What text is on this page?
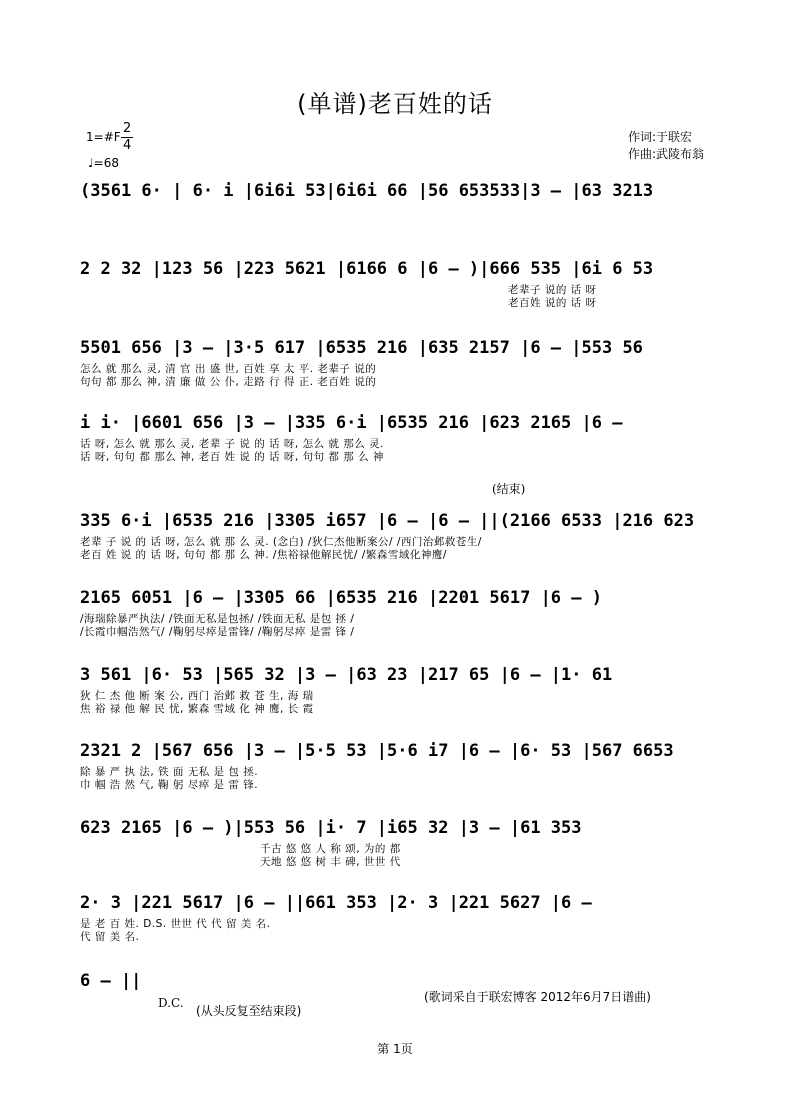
(单谱)老百姓的话
1=#F
2
4
♩=68
作词:于联宏
作曲:武陵布翁
(3561 6· | 6· i |6i6i 53|6i6i 66 |56 653533|3 — |63 3213
2 2 32 |123 56 |223 5621 |6166 6 |6 — )|666 535 |6i 6 53
老辈子 说的 话 呀
老百姓 说的 话 呀
5501 656 |3 — |3·5 617 |6535 216 |635 2157 |6 — |553 56
怎么 就 那么 灵, 清 官 出 盛 世, 百姓 享 太 平. 老辈子 说的
句句 都 那么 神, 清 廉 做 公 仆, 走路 行 得 正. 老百姓 说的
i i· |6601 656 |3 — |335 6·i |6535 216 |623 2165 |6 —
话 呀, 怎么 就 那么 灵, 老辈 子 说 的 话 呀, 怎么 就 那么 灵.
话 呀, 句句 都 那么 神, 老百 姓 说 的 话 呀, 句句 都 那 么 神
(结束)
335 6·i |6535 216 |3305 i657 |6 — |6 — ||(2166 6533 |216 623
老辈 子 说 的 话 呀, 怎么 就 那 么 灵. (念白) /狄仁杰他断案公/ /西门治邺救苍生/
老百 姓 说 的 话 呀, 句句 都 那 么 神. /焦裕禄他解民忧/ /繁森雪域化神鹰/
2165 6051 |6 — |3305 66 |6535 216 |2201 5617 |6 — )
/海瑞除暴严执法/ /铁面无私是包拯/ /铁面无私 是包 拯 /
/长霞巾帼浩然气/ /鞠躬尽瘁是雷锋/ /鞠躬尽瘁 是雷 锋 /
3 561 |6· 53 |565 32 |3 — |63 23 |217 65 |6 — |1· 61
狄 仁 杰 他 断 案 公, 西门 治邺 救 苍 生, 海 瑞
焦 裕 禄 他 解 民 忧, 繁森 雪域 化 神 鹰, 长 霞
2321 2 |567 656 |3 — |5·5 53 |5·6 i7 |6 — |6· 53 |567 6653
除 暴 严 执 法, 铁 面 无私 是 包 拯.
巾 帼 浩 然 气, 鞠 躬 尽瘁 是 雷 锋.
623 2165 |6 — )|553 56 |i· 7 |i65 32 |3 — |61 353
千古 悠 悠 人 称 颂, 为的 都
天地 悠 悠 树 丰 碑, 世世 代
2· 3 |221 5617 |6 — ||661 353 |2· 3 |221 5627 |6 —
是 老 百 姓. D.S. 世世 代 代 留 美 名.
代 留 美 名.
6 — ||
D.C.
(从头反复至结束段)
(歌词采自于联宏博客 2012年6月7日谱曲)
第 1页
